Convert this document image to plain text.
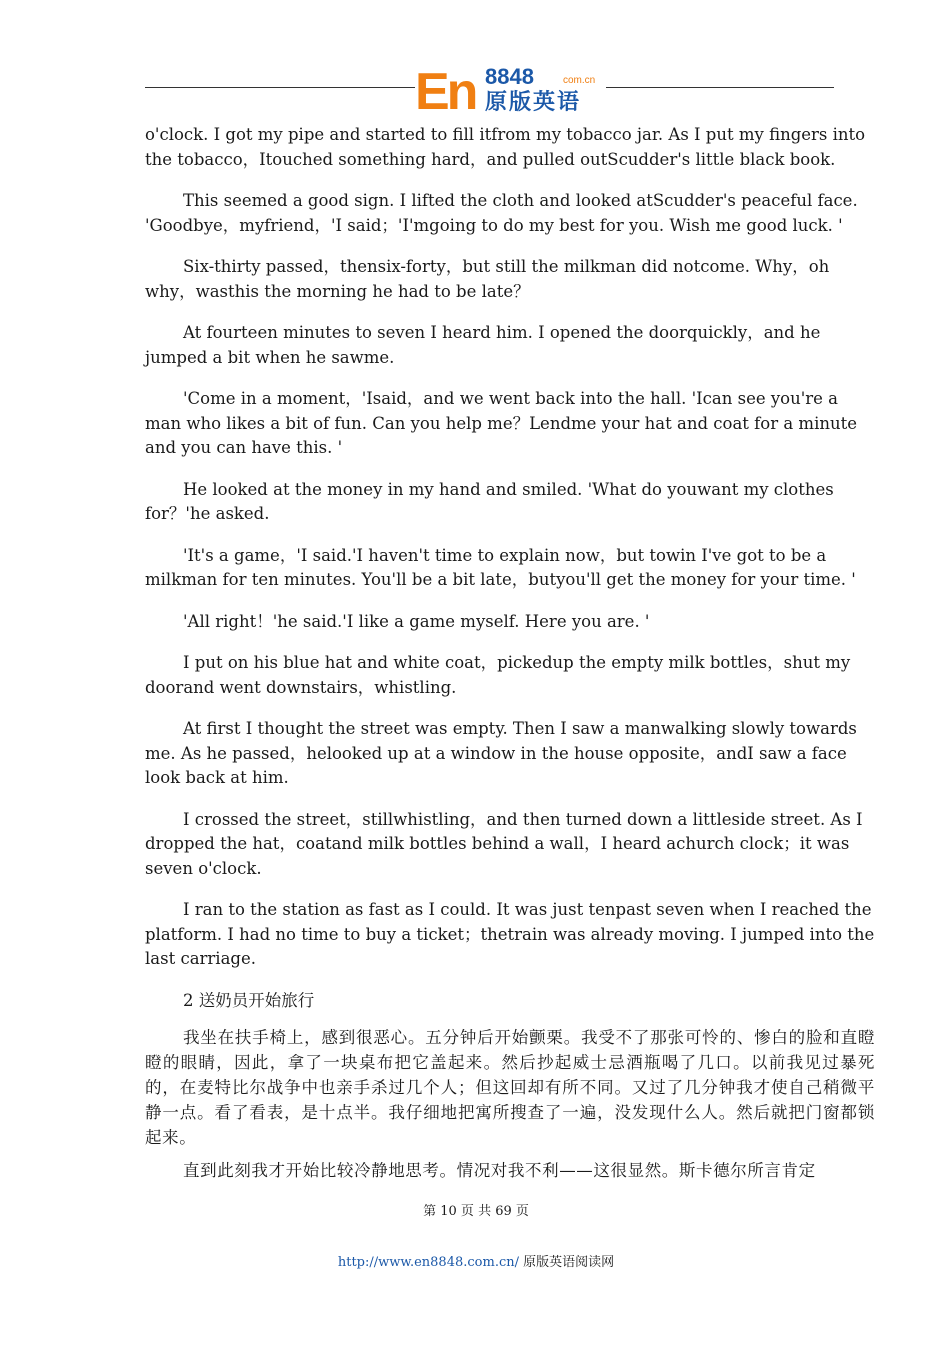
En 8848	com.cn
原版英语

o'clock. I got my pipe and started to fill itfrom my tobacco jar. As I put my fingers into the tobacco，Itouched something hard，and pulled outScudder's little black book.

This seemed a good sign. I lifted the cloth and looked atScudder's peaceful face. 'Goodbye，myfriend，'I said；'I'mgoing to do my best for you. Wish me good luck. '

Six-thirty passed，thensix-forty，but still the milkman did notcome. Why，oh why，wasthis the morning he had to be late？

At fourteen minutes to seven I heard him. I opened the doorquickly，and he jumped a bit when he sawme.

'Come in a moment，'Isaid，and we went back into the hall. 'Ican see you're a man who likes a bit of fun. Can you help me？Lendme your hat and coat for a minute and you can have this. '

He looked at the money in my hand and smiled. 'What do youwant my clothes for？'he asked.

'It's a game，'I said.'I haven't time to explain now，but towin I've got to be a milkman for ten minutes. You'll be a bit late，butyou'll get the money for your time. '

'All right！'he said.'I like a game myself. Here you are. '

I put on his blue hat and white coat，pickedup the empty milk bottles，shut my doorand went downstairs，whistling.

At first I thought the street was empty. Then I saw a manwalking slowly towards me. As he passed，helooked up at a window in the house opposite，andI saw a face look back at him.

I crossed the street，stillwhistling，and then turned down a littleside street. As I dropped the hat，coatand milk bottles behind a wall，I heard achurch clock；it was seven o'clock.

I ran to the station as fast as I could. It was just tenpast seven when I reached the platform. I had no time to buy a ticket；thetrain was already moving. I jumped into the last carriage.

2 送奶员开始旅行

我坐在扶手椅上，感到很恶心。五分钟后开始颤栗。我受不了那张可怜的、惨白的脸和直瞪瞪的眼睛，因此，拿了一块桌布把它盖起来。然后抄起威士忌酒瓶喝了几口。以前我见过暴死的，在麦特比尔战争中也亲手杀过几个人；但这回却有所不同。又过了几分钟我才使自己稍微平静一点。看了看表，是十点半。我仔细地把寓所搜查了一遍，没发现什么人。然后就把门窗都锁起来。

直到此刻我才开始比较冷静地思考。情况对我不利——这很显然。斯卡德尔所言肯定

第 10 页 共 69 页
http://www.en8848.com.cn/ 原版英语阅读网
